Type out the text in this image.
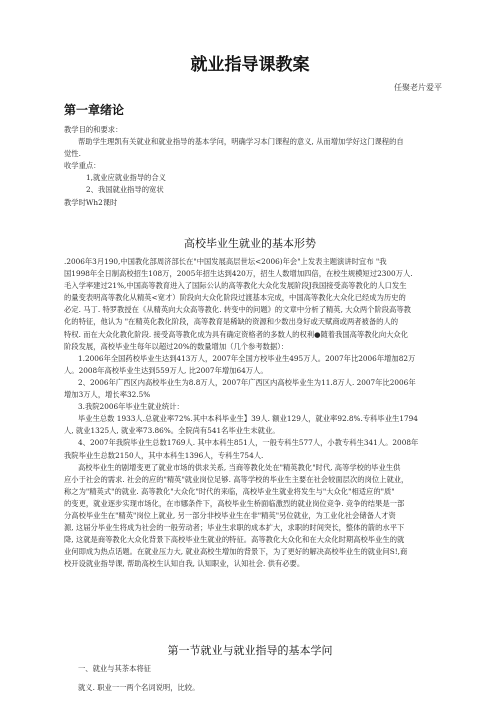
就业指导课教案
任聚老片爱平
第一章绪论
教学目的和要求：
帮助学生理凯有关就业和就业指导的基本学问，明确学习本门课程的意义, 从而增加学好这门课程的自
觉性.
收学重点：
1,就业应就业指导的合义
2、我国就业指导的宽状
教学时Wh2课时
高校毕业生就业的基本形势
.2006年3月190,中国教化部周济部长在"中国发展高层世坛<2006)年会"上发表主题演讲时宜布 "我
国1998年全日制高校招生108万，2005年招生达到420万，招生人数增加四倍，在校生规模短过2300万人.
毛入学率建过21%,中国高等教育进入了国际公认的高等教化大众化发展阶段J我国接受高等教化的人口发生
的量变表明高等教化从精英<宽才）阶段向大众化阶段过渡基本完成，中国高等教化大众化已经成为历史的
必定. 马丁. 特罗教授在《从精英向大众高等教化. 转变中的问题》的文章中分析了精英, 大众两个阶段高等教
化的特征，他认为 "在精英化教化阶段，高等教育是稀缺的资源和少数出身好或天赋商或两者被备的人的
特权. 而在大众化教化阶段. 接受高等教化成为具有确定资格者的多数人的权利●随着我国高等教化向大众化
阶段发展，高校毕业生每年以超过20%的数量增加（几个参考数据）：
1.2006年全国药校毕业生达到413万人，2007年全国方校毕业生495万人。2007年比2006年增加82万
人。2008年高校毕业生达到559万人, 比2007年增加64万人。
2、2006年广西区内高校毕业生为8.8万人，2007年广西区内高校毕业生为11.8万人. 2007年比2006年
增加3万人，增长率32.5%
3.我院2006年毕业生就业统计：
毕业生总数 1933人.总就业率72%.其中本科毕业生】39人. 额业129人，就业率92.8%.专科毕业生1794
人, 就业1325人, 就业率73.86%。全院尚有541名毕业生未就业。
4、2007年我院毕业生总数1769人. 其中本科生851人，一般专科生577人，小教专科生341人。2008年
我院毕业生总数2150人，其中本科生1396人，专科生754人.
高校毕业生的剧增变更了就业市场的供求关系, 当商等教化处在"精英教化"时代, 高等学校的毕业生供
应小于社会的需求. 社会的应的"精英"就业岗位足够. 高等学校的毕业生主要在社会较面层次的岗位上就业，
称之为"精英式"的就业. 高等教化"大众化"时代的来临，高校毕业生就业将发生与"大众化"相适应的"质"
的变更，就业逐步实现市场化，在市娜条件下，高校毕业生桥面临激烈的就业岗位竞争. 竞争的结果是一部
分高校毕业生在"精英"岗位上就业, 另一部分非校毕业生在非"精英"另位就业，为工业化社会储备人才资
源, 这届分毕业生将成为社会的一般劳动者；毕业生求职的成本扩大，求职的时间突长，整体的箭的水平下
降, 这就是商等教化大众化背景下高校毕业生就业的特征。高等教化大众化和在大众化时期高校毕业生的就
业何即成为热点话题。在就业压力大, 就业高校生增加的背景下，为了更好的解决高校毕业生的就业问S!,商
校开设就业指导课, 帮助高校生认知自我, 认知职业，认知社会. 供有必要。
第一节就业与就业指导的基本学问
一、就业与其茶本将征
就义. 职业一一两个名词说明，比较。
